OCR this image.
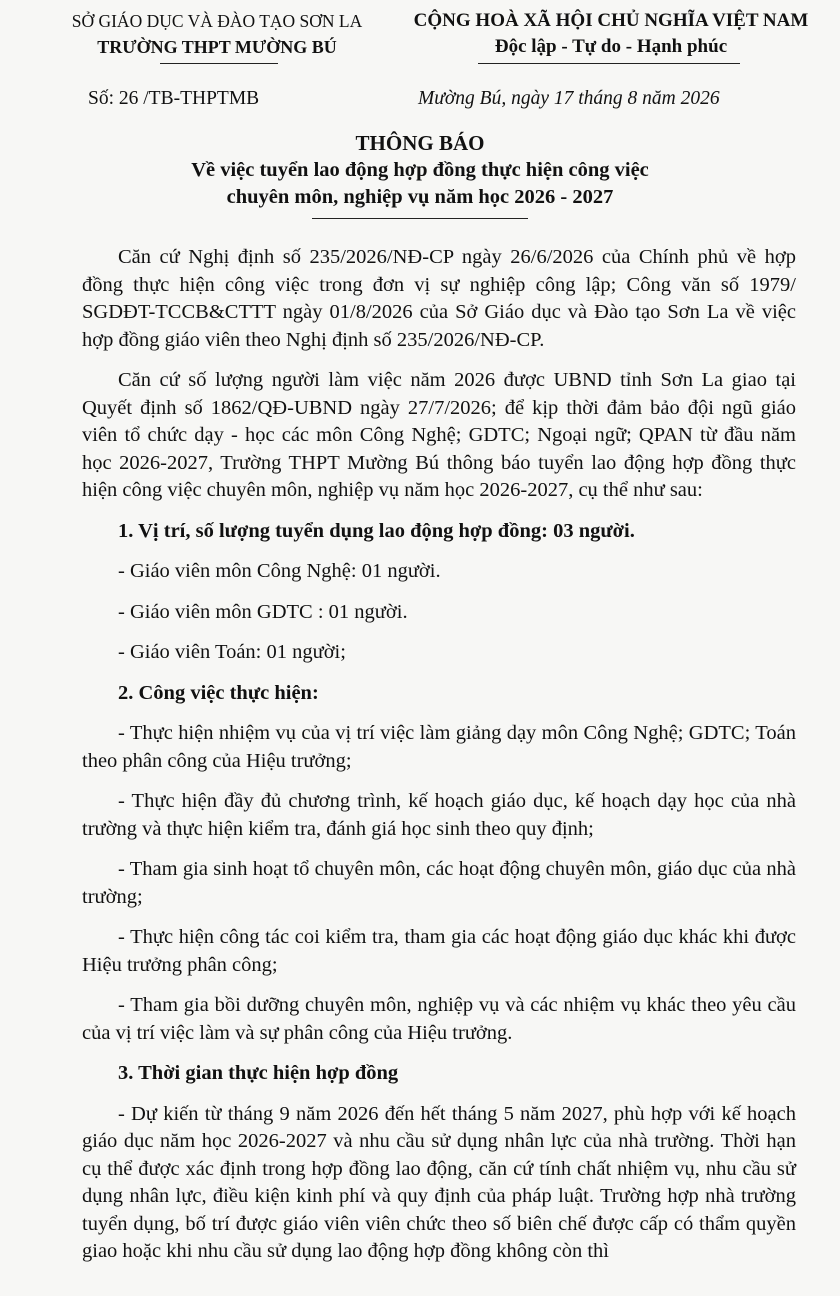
SỞ GIÁO DỤC VÀ ĐÀO TẠO SƠN LA
TRƯỜNG THPT MƯỜNG BÚ
CỘNG HOÀ XÃ HỘI CHỦ NGHĨA VIỆT NAM
Độc lập - Tự do - Hạnh phúc
Số: 26 /TB-THPTMB	Mường Bú, ngày 17 tháng 8 năm 2026
THÔNG BÁO
Về việc tuyển lao động hợp đồng thực hiện công việc
chuyên môn, nghiệp vụ năm học 2026 - 2027

Căn cứ Nghị định số 235/2026/NĐ-CP ngày 26/6/2026 của Chính phủ về hợp đồng thực hiện công việc trong đơn vị sự nghiệp công lập; Công văn số 1979/ SGDĐT-TCCB&CTTT ngày 01/8/2026 của Sở Giáo dục và Đào tạo Sơn La về việc hợp đồng giáo viên theo Nghị định số 235/2026/NĐ-CP.

Căn cứ số lượng người làm việc năm 2026 được UBND tỉnh Sơn La giao tại Quyết định số 1862/QĐ-UBND ngày 27/7/2026; để kịp thời đảm bảo đội ngũ giáo viên tổ chức dạy - học các môn Công Nghệ; GDTC; Ngoại ngữ; QPAN từ đầu năm học 2026-2027, Trường THPT Mường Bú thông báo tuyển lao động hợp đồng thực hiện công việc chuyên môn, nghiệp vụ năm học 2026-2027, cụ thể như sau:

1. Vị trí, số lượng tuyển dụng lao động hợp đồng: 03 người.

- Giáo viên môn Công Nghệ: 01 người.

- Giáo viên môn GDTC : 01 người.

- Giáo viên Toán: 01 người;

2. Công việc thực hiện:

- Thực hiện nhiệm vụ của vị trí việc làm giảng dạy môn Công Nghệ; GDTC; Toán theo phân công của Hiệu trưởng;

- Thực hiện đầy đủ chương trình, kế hoạch giáo dục, kế hoạch dạy học của nhà trường và thực hiện kiểm tra, đánh giá học sinh theo quy định;

- Tham gia sinh hoạt tổ chuyên môn, các hoạt động chuyên môn, giáo dục của nhà trường;

- Thực hiện công tác coi kiểm tra, tham gia các hoạt động giáo dục khác khi được Hiệu trưởng phân công;

- Tham gia bồi dưỡng chuyên môn, nghiệp vụ và các nhiệm vụ khác theo yêu cầu của vị trí việc làm và sự phân công của Hiệu trưởng.

3. Thời gian thực hiện hợp đồng

- Dự kiến từ tháng 9 năm 2026 đến hết tháng 5 năm 2027, phù hợp với kế hoạch giáo dục năm học 2026-2027 và nhu cầu sử dụng nhân lực của nhà trường. Thời hạn cụ thể được xác định trong hợp đồng lao động, căn cứ tính chất nhiệm vụ, nhu cầu sử dụng nhân lực, điều kiện kinh phí và quy định của pháp luật. Trường hợp nhà trường tuyển dụng, bố trí được giáo viên viên chức theo số biên chế được cấp có thẩm quyền giao hoặc khi nhu cầu sử dụng lao động hợp đồng không còn thì
